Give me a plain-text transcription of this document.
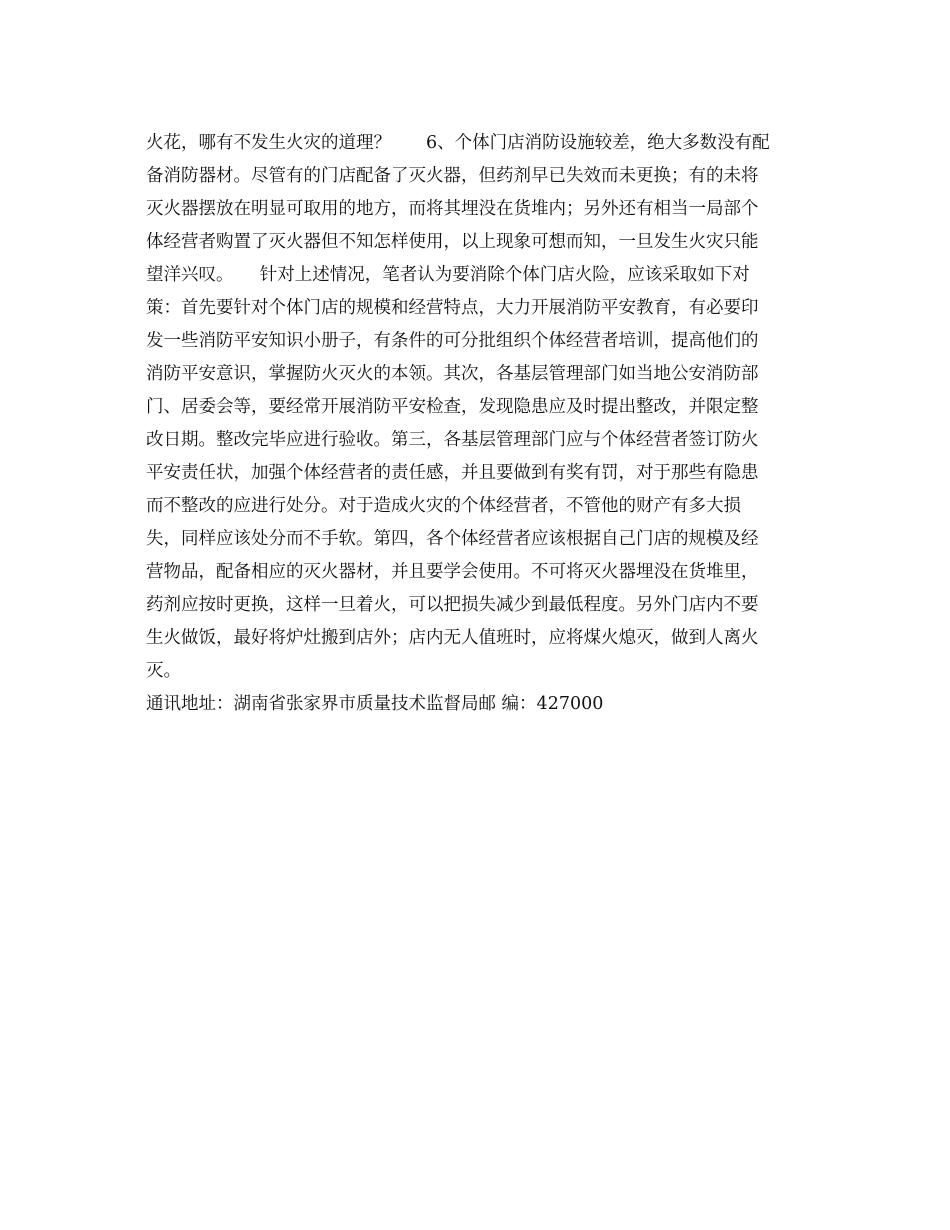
火花，哪有不发生火灾的道理？　　6、个体门店消防设施较差，绝大多数没有配
备消防器材。尽管有的门店配备了灭火器，但药剂早已失效而未更换；有的未将
灭火器摆放在明显可取用的地方，而将其埋没在货堆内；另外还有相当一局部个
体经营者购置了灭火器但不知怎样使用，以上现象可想而知，一旦发生火灾只能
望洋兴叹。　　针对上述情况，笔者认为要消除个体门店火险，应该采取如下对
策：首先要针对个体门店的规模和经营特点，大力开展消防平安教育，有必要印
发一些消防平安知识小册子，有条件的可分批组织个体经营者培训，提高他们的
消防平安意识，掌握防火灭火的本领。其次，各基层管理部门如当地公安消防部
门、居委会等，要经常开展消防平安检查，发现隐患应及时提出整改，并限定整
改日期。整改完毕应进行验收。第三，各基层管理部门应与个体经营者签订防火
平安责任状，加强个体经营者的责任感，并且要做到有奖有罚，对于那些有隐患
而不整改的应进行处分。对于造成火灾的个体经营者，不管他的财产有多大损
失，同样应该处分而不手软。第四，各个体经营者应该根据自己门店的规模及经
营物品，配备相应的灭火器材，并且要学会使用。不可将灭火器埋没在货堆里，
药剂应按时更换，这样一旦着火，可以把损失减少到最低程度。另外门店内不要
生火做饭，最好将炉灶搬到店外；店内无人值班时，应将煤火熄灭，做到人离火
灭。
通讯地址：湖南省张家界市质量技术监督局邮 编：427000
